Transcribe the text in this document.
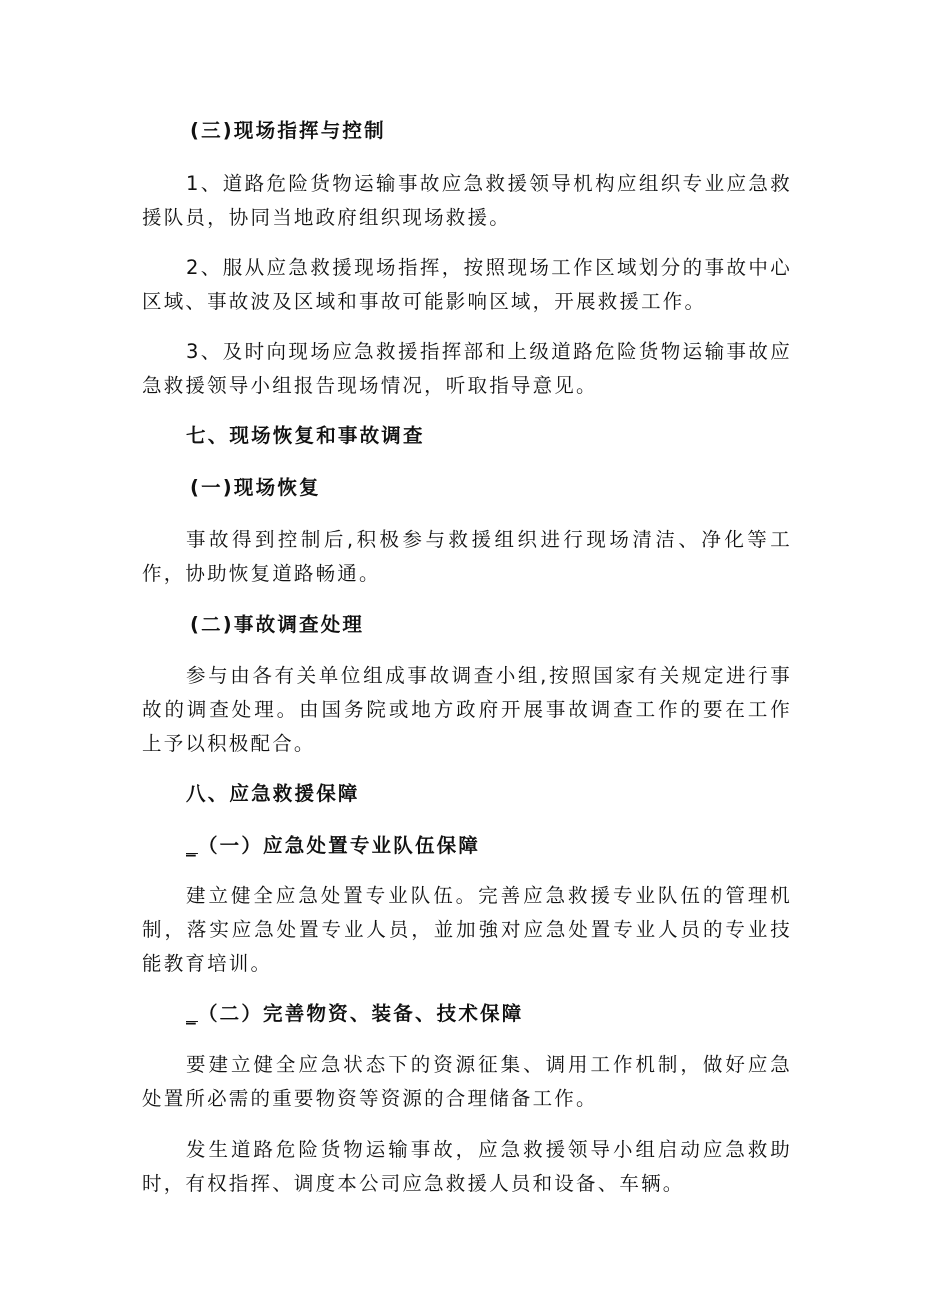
(三)现场指挥与控制

1、道路危险货物运输事故应急救援领导机构应组织专业应急救援队员，协同当地政府组织现场救援。

2、服从应急救援现场指挥，按照现场工作区域划分的事故中心区域、事故波及区域和事故可能影响区域，开展救援工作。

3、及时向现场应急救援指挥部和上级道路危险货物运输事故应急救援领导小组报告现场情况，听取指导意见。

七、现场恢复和事故调查

(一)现场恢复

事故得到控制后,积极参与救援组织进行现场清洁、净化等工作，协助恢复道路畅通。

(二)事故调查处理

参与由各有关单位组成事故调查小组,按照国家有关规定进行事故的调查处理。由国务院或地方政府开展事故调查工作的要在工作上予以积极配合。

八、应急救援保障

_（一）应急处置专业队伍保障

建立健全应急处置专业队伍。完善应急救援专业队伍的管理机制，落实应急处置专业人员，並加強对应急处置专业人员的专业技能教育培训。

_（二）完善物资、装备、技术保障

要建立健全应急状态下的资源征集、调用工作机制，做好应急处置所必需的重要物资等资源的合理储备工作。

发生道路危险货物运输事故，应急救援领导小组启动应急救助时，有权指挥、调度本公司应急救援人员和设备、车辆。
